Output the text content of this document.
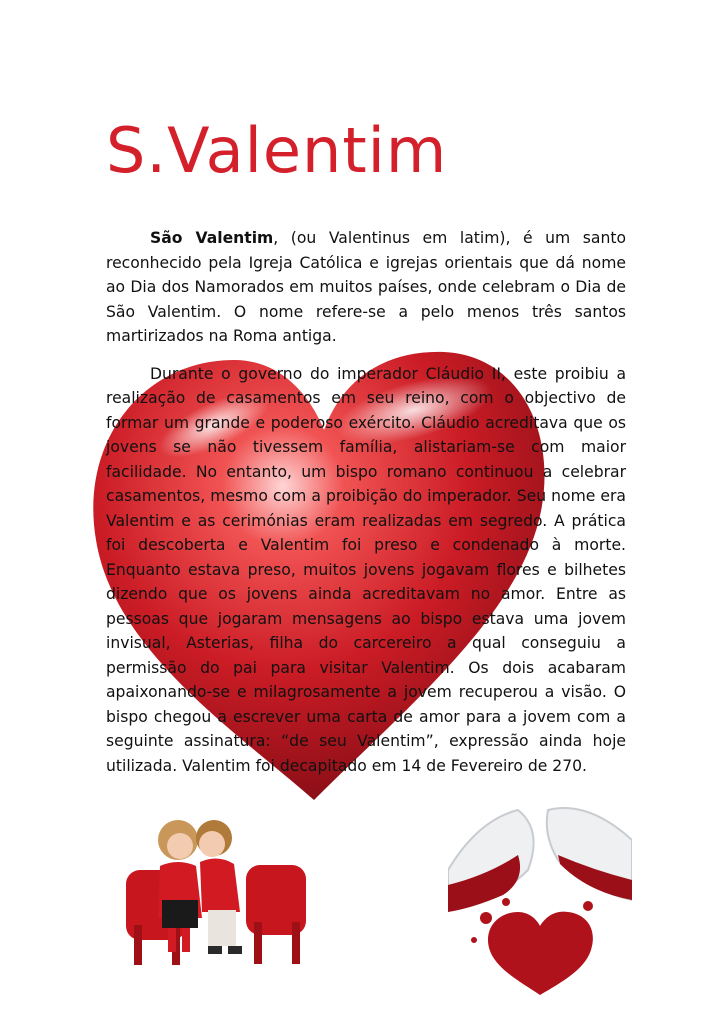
S.Valentim

São Valentim, (ou Valentinus em latim), é um santo reconhecido pela Igreja Católica e igrejas orientais que dá nome ao Dia dos Namorados em muitos países, onde celebram o Dia de São Valentim. O nome refere-se a pelo menos três santos martirizados na Roma antiga.

Durante o governo do imperador Cláudio II, este proibiu a realização de casamentos em seu reino, com o objectivo de formar um grande e poderoso exército. Cláudio acreditava que os jovens se não tivessem família, alistariam-se com maior facilidade. No entanto, um bispo romano continuou a celebrar casamentos, mesmo com a proibição do imperador. Seu nome era Valentim e as cerimónias eram realizadas em segredo. A prática foi descoberta e Valentim foi preso e condenado à morte. Enquanto estava preso, muitos jovens jogavam flores e bilhetes dizendo que os jovens ainda acreditavam no amor. Entre as pessoas que jogaram mensagens ao bispo estava uma jovem invisual, Asterias, filha do carcereiro a qual conseguiu a permissão do pai para visitar Valentim. Os dois acabaram apaixonando-se e milagrosamente a jovem recuperou a visão. O bispo chegou a escrever uma carta de amor para a jovem com a seguinte assinatura: “de seu Valentim”, expressão ainda hoje utilizada. Valentim foi decapitado em 14 de Fevereiro de 270.
